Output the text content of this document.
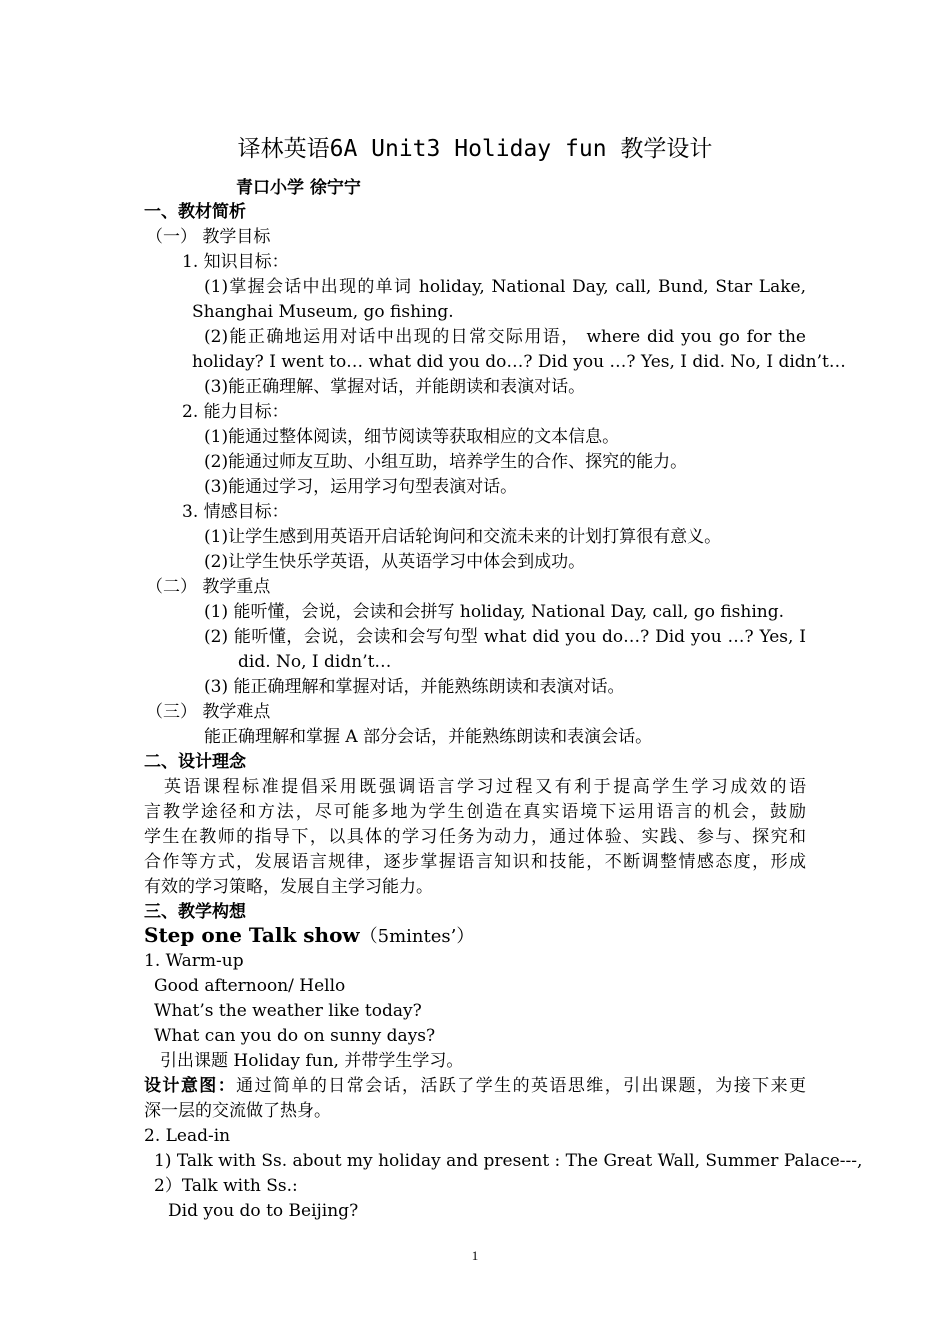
译林英语6A Unit3 Holiday fun 教学设计
青口小学 徐宁宁
一、教材简析
（一） 教学目标
1. 知识目标：
(1)掌握会话中出现的单词 holiday, National Day, call, Bund, Star Lake,
Shanghai Museum, go fishing.
(2)能正确地运用对话中出现的日常交际用语， where did you go for the
holiday? I went to… what did you do…? Did you …? Yes, I did. No, I didn’t…
(3)能正确理解、掌握对话，并能朗读和表演对话。
2. 能力目标：
(1)能通过整体阅读，细节阅读等获取相应的文本信息。
(2)能通过师友互助、小组互助，培养学生的合作、探究的能力。
(3)能通过学习，运用学习句型表演对话。
3. 情感目标：
(1)让学生感到用英语开启话轮询问和交流未来的计划打算很有意义。
(2)让学生快乐学英语，从英语学习中体会到成功。
（二） 教学重点
(1) 能听懂，会说，会读和会拼写 holiday, National Day, call, go fishing.
(2) 能听懂，会说，会读和会写句型 what did you do…? Did you …? Yes, I
did. No, I didn’t…
(3) 能正确理解和掌握对话，并能熟练朗读和表演对话。
（三） 教学难点
能正确理解和掌握 A 部分会话，并能熟练朗读和表演会话。
二、设计理念
英语课程标准提倡采用既强调语言学习过程又有利于提高学生学习成效的语
言教学途径和方法，尽可能多地为学生创造在真实语境下运用语言的机会，鼓励
学生在教师的指导下，以具体的学习任务为动力，通过体验、实践、参与、探究和
合作等方式，发展语言规律，逐步掌握语言知识和技能，不断调整情感态度，形成
有效的学习策略，发展自主学习能力。
三、教学构想
Step one Talk show（5mintes’）
1. Warm-up
Good afternoon/ Hello
What’s the weather like today?
What can you do on sunny days?
引出课题 Holiday fun, 并带学生学习。
设计意图：通过简单的日常会话，活跃了学生的英语思维，引出课题，为接下来更
深一层的交流做了热身。
2. Lead-in
1) Talk with Ss. about my holiday and present : The Great Wall, Summer Palace---,
2）Talk with Ss.:
Did you do to Beijing?
1
